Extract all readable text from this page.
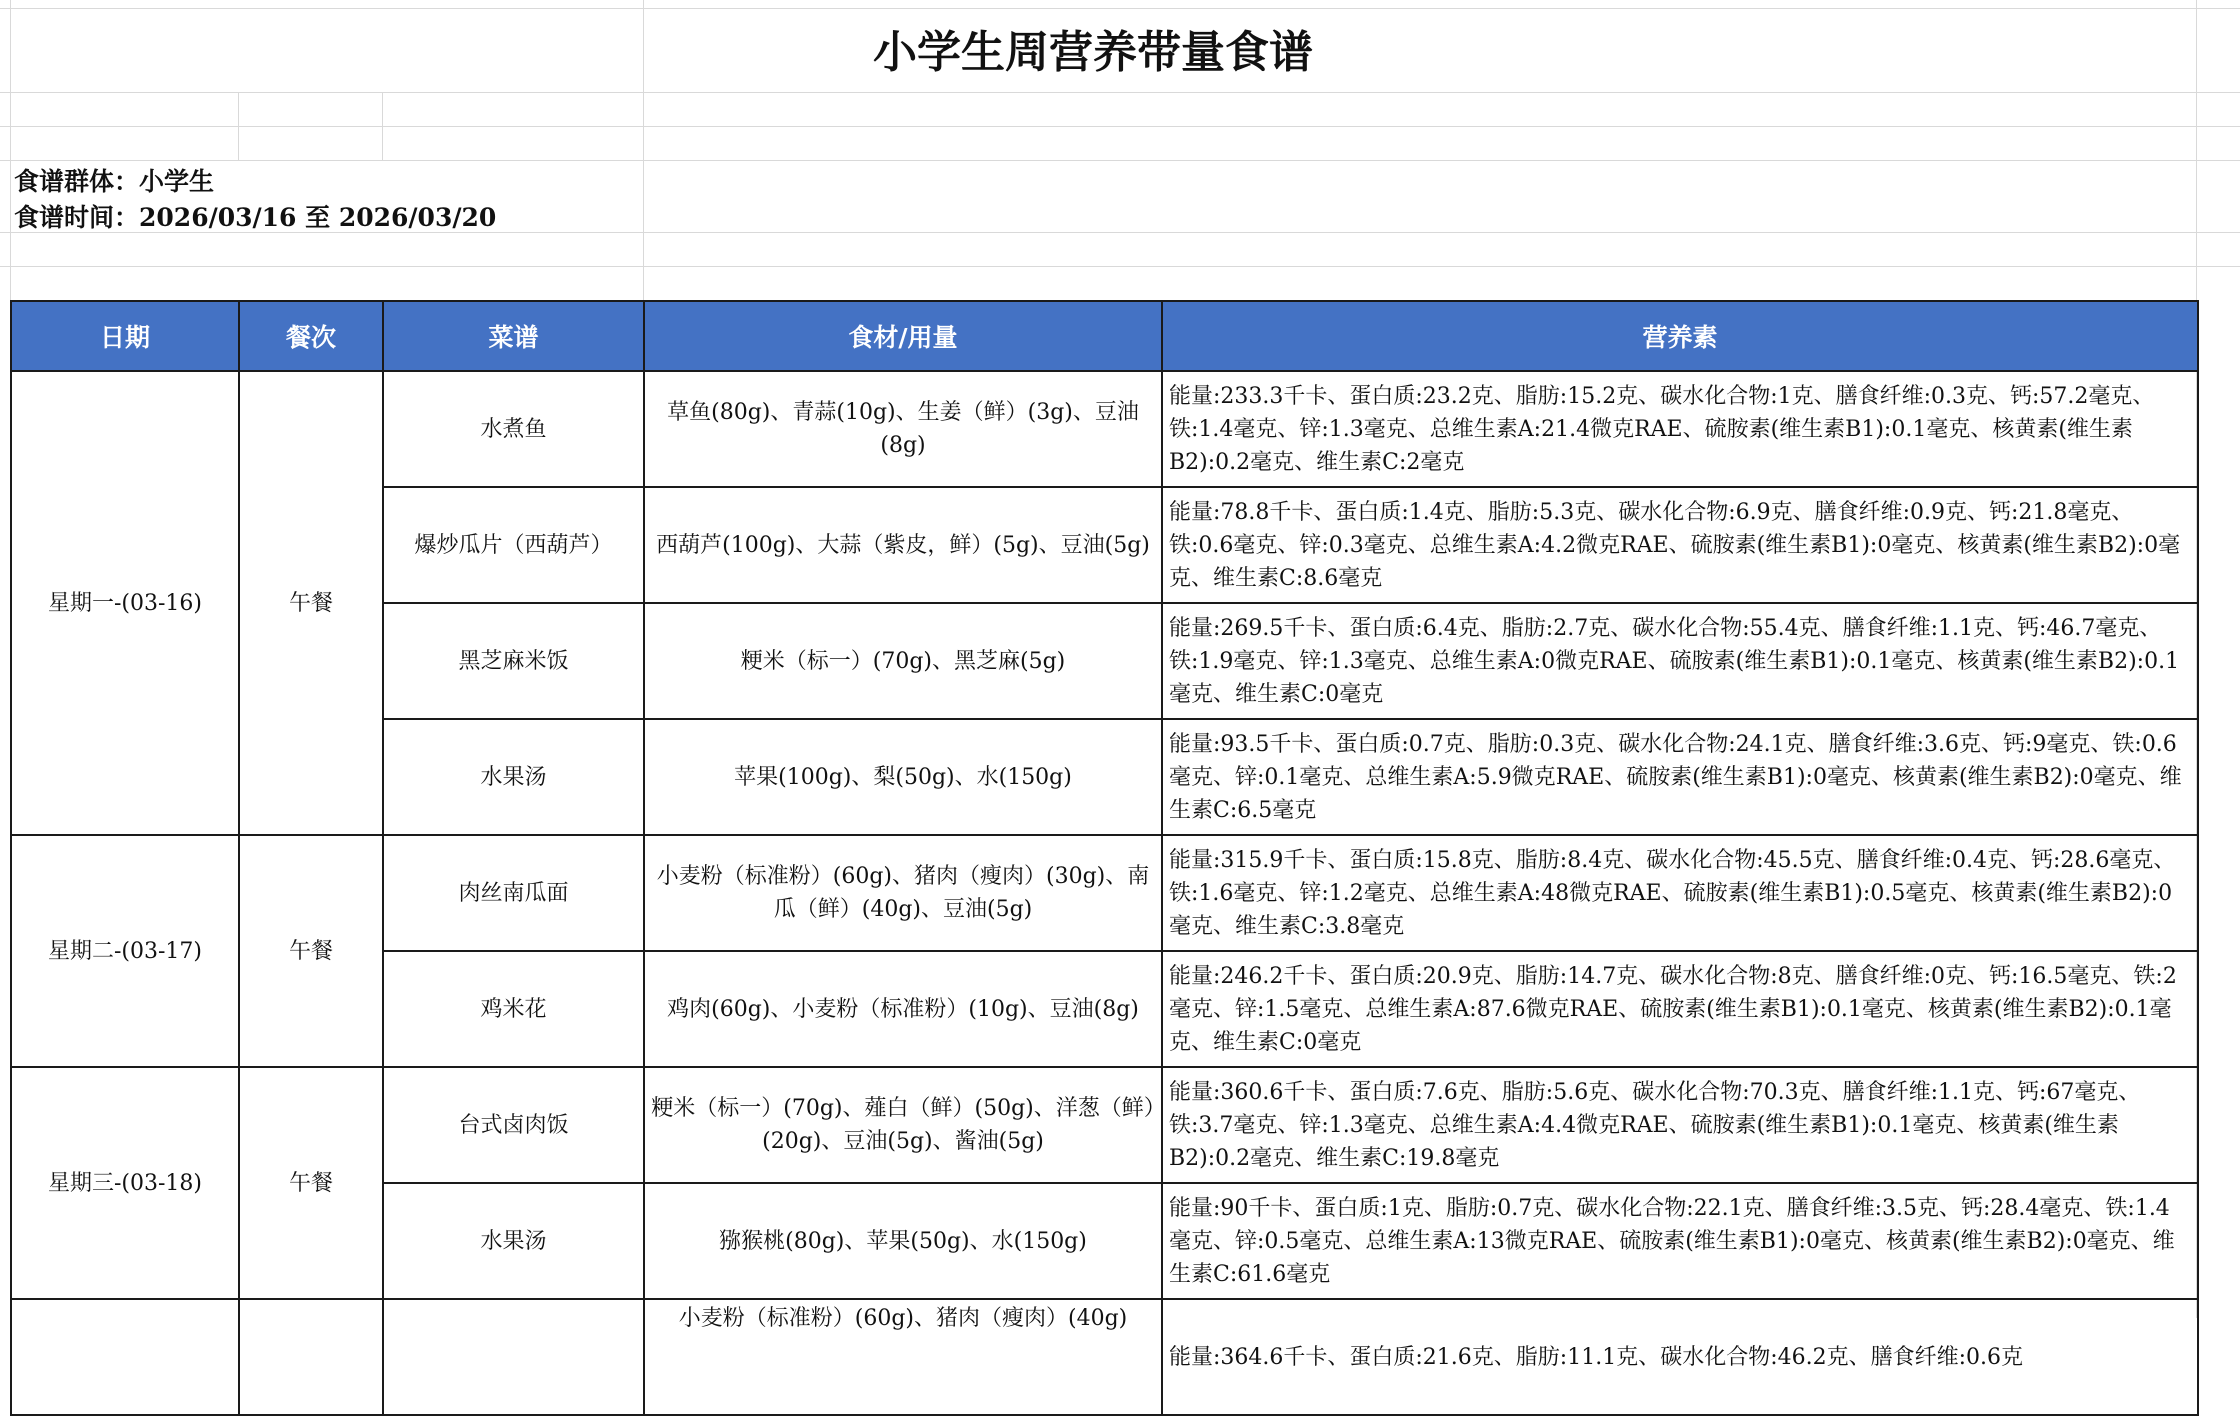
小学生周营养带量食谱
食谱群体：小学生
食谱时间：2026/03/16 至 2026/03/20
日期	餐次	菜谱	食材/用量	营养素
星期一-(03-16)	午餐	水煮鱼	草鱼(80g)、青蒜(10g)、生姜（鲜）(3g)、豆油(8g)	能量:233.3千卡、蛋白质:23.2克、脂肪:15.2克、碳水化合物:1克、膳食纤维:0.3克、钙:57.2毫克、铁:1.4毫克、锌:1.3毫克、总维生素A:21.4微克RAE、硫胺素(维生素B1):0.1毫克、核黄素(维生素B2):0.2毫克、维生素C:2毫克
		爆炒瓜片（西葫芦）	西葫芦(100g)、大蒜（紫皮，鲜）(5g)、豆油(5g)	能量:78.8千卡、蛋白质:1.4克、脂肪:5.3克、碳水化合物:6.9克、膳食纤维:0.9克、钙:21.8毫克、铁:0.6毫克、锌:0.3毫克、总维生素A:4.2微克RAE、硫胺素(维生素B1):0毫克、核黄素(维生素B2):0毫克、维生素C:8.6毫克
		黑芝麻米饭	粳米（标一）(70g)、黑芝麻(5g)	能量:269.5千卡、蛋白质:6.4克、脂肪:2.7克、碳水化合物:55.4克、膳食纤维:1.1克、钙:46.7毫克、铁:1.9毫克、锌:1.3毫克、总维生素A:0微克RAE、硫胺素(维生素B1):0.1毫克、核黄素(维生素B2):0.1毫克、维生素C:0毫克
		水果汤	苹果(100g)、梨(50g)、水(150g)	能量:93.5千卡、蛋白质:0.7克、脂肪:0.3克、碳水化合物:24.1克、膳食纤维:3.6克、钙:9毫克、铁:0.6毫克、锌:0.1毫克、总维生素A:5.9微克RAE、硫胺素(维生素B1):0毫克、核黄素(维生素B2):0毫克、维生素C:6.5毫克
星期二-(03-17)	午餐	肉丝南瓜面	小麦粉（标准粉）(60g)、猪肉（瘦肉）(30g)、南瓜（鲜）(40g)、豆油(5g)	能量:315.9千卡、蛋白质:15.8克、脂肪:8.4克、碳水化合物:45.5克、膳食纤维:0.4克、钙:28.6毫克、铁:1.6毫克、锌:1.2毫克、总维生素A:48微克RAE、硫胺素(维生素B1):0.5毫克、核黄素(维生素B2):0毫克、维生素C:3.8毫克
		鸡米花	鸡肉(60g)、小麦粉（标准粉）(10g)、豆油(8g)	能量:246.2千卡、蛋白质:20.9克、脂肪:14.7克、碳水化合物:8克、膳食纤维:0克、钙:16.5毫克、铁:2毫克、锌:1.5毫克、总维生素A:87.6微克RAE、硫胺素(维生素B1):0.1毫克、核黄素(维生素B2):0.1毫克、维生素C:0毫克
星期三-(03-18)	午餐	台式卤肉饭	粳米（标一）(70g)、薤白（鲜）(50g)、洋葱（鲜）(20g)、豆油(5g)、酱油(5g)	能量:360.6千卡、蛋白质:7.6克、脂肪:5.6克、碳水化合物:70.3克、膳食纤维:1.1克、钙:67毫克、铁:3.7毫克、锌:1.3毫克、总维生素A:4.4微克RAE、硫胺素(维生素B1):0.1毫克、核黄素(维生素B2):0.2毫克、维生素C:19.8毫克
		水果汤	猕猴桃(80g)、苹果(50g)、水(150g)	能量:90千卡、蛋白质:1克、脂肪:0.7克、碳水化合物:22.1克、膳食纤维:3.5克、钙:28.4毫克、铁:1.4毫克、锌:0.5毫克、总维生素A:13微克RAE、硫胺素(维生素B1):0毫克、核黄素(维生素B2):0毫克、维生素C:61.6毫克
			小麦粉（标准粉）(60g)、猪肉（瘦肉）(40g)	能量:364.6千卡、蛋白质:21.6克、脂肪:11.1克、碳水化合物:46.2克、膳食纤维:0.6克
